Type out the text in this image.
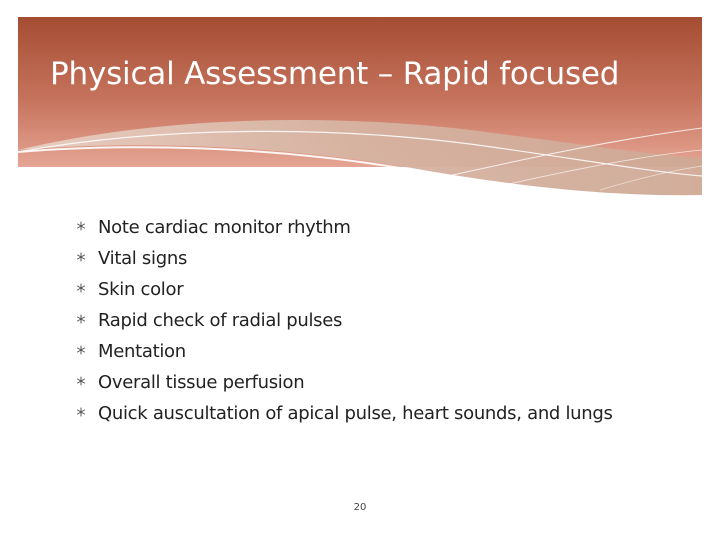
Physical Assessment – Rapid focused
Note cardiac monitor rhythm
Vital signs
Skin color
Rapid check of radial pulses
Mentation
Overall tissue perfusion
Quick auscultation of apical pulse, heart sounds, and lungs
20
